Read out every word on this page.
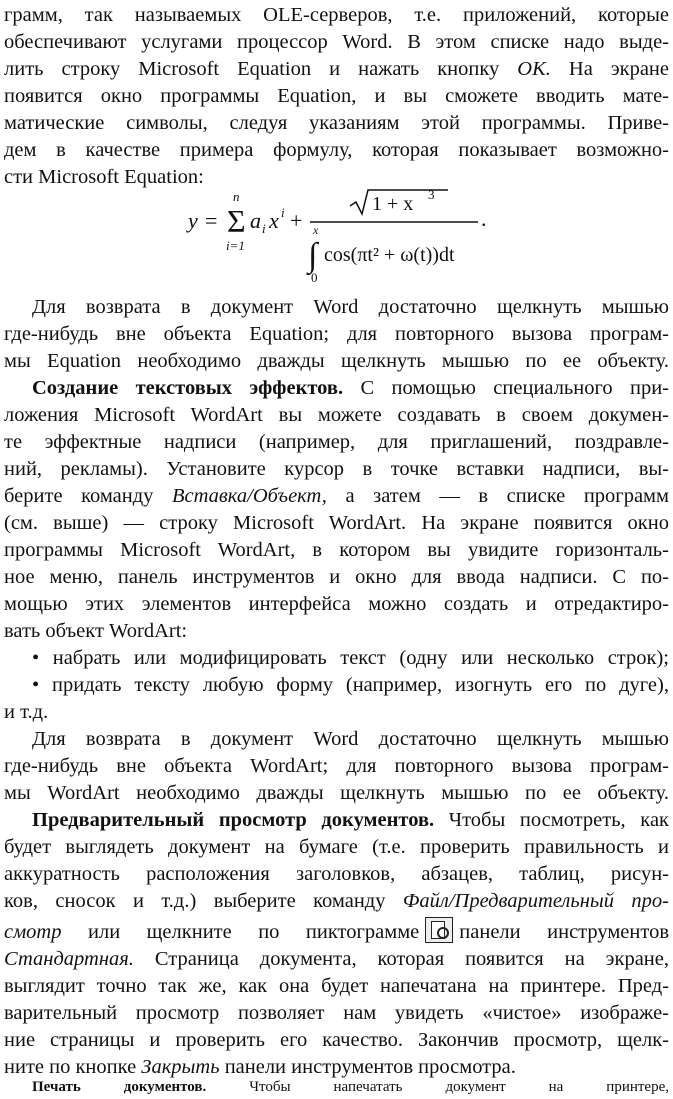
грамм, так называемых OLE-серверов, т.е. приложений, которые
обеспечивают услугами процессор Word. В этом списке надо выде-
лить строку Microsoft Equation и нажать кнопку OK. На экране
появится окно программы Equation, и вы сможете вводить мате-
матические символы, следуя указаниям этой программы. Приве-
дем в качестве примера формулу, которая показывает возможно-
сти Microsoft Equation:
y =
n
Σ
i=1
a i x i +
1 + x 3
.
x
∫
0
cos(πt² + ω(t))dt
Для возврата в документ Word достаточно щелкнуть мышью
где-нибудь вне объекта Equation; для повторного вызова програм-
мы Equation необходимо дважды щелкнуть мышью по ее объекту.
Создание текстовых эффектов. С помощью специального при-
ложения Microsoft WordArt вы можете создавать в своем докумен-
те эффектные надписи (например, для приглашений, поздравле-
ний, рекламы). Установите курсор в точке вставки надписи, вы-
берите команду Вставка/Объект, а затем — в списке программ
(см. выше) — строку Microsoft WordArt. На экране появится окно
программы Microsoft WordArt, в котором вы увидите горизонталь-
ное меню, панель инструментов и окно для ввода надписи. С по-
мощью этих элементов интерфейса можно создать и отредактиро-
вать объект WordArt:
• набрать или модифицировать текст (одну или несколько строк);
• придать тексту любую форму (например, изогнуть его по дуге),
и т.д.
Для возврата в документ Word достаточно щелкнуть мышью
где-нибудь вне объекта WordArt; для повторного вызова програм-
мы WordArt необходимо дважды щелкнуть мышью по ее объекту.
Предварительный просмотр документов. Чтобы посмотреть, как
будет выглядеть документ на бумаге (т.е. проверить правильность и
аккуратность расположения заголовков, абзацев, таблиц, рисун-
ков, сносок и т.д.) выберите команду Файл/Предварительный про-
смотр или щелкните по пиктограмме панели инструментов
Стандартная. Страница документа, которая появится на экране,
выглядит точно так же, как она будет напечатана на принтере. Пред-
варительный просмотр позволяет нам увидеть «чистое» изображе-
ние страницы и проверить его качество. Закончив просмотр, щелк-
ните по кнопке Закрыть панели инструментов просмотра.
Печать документов. Чтобы напечатать документ на принтере,
